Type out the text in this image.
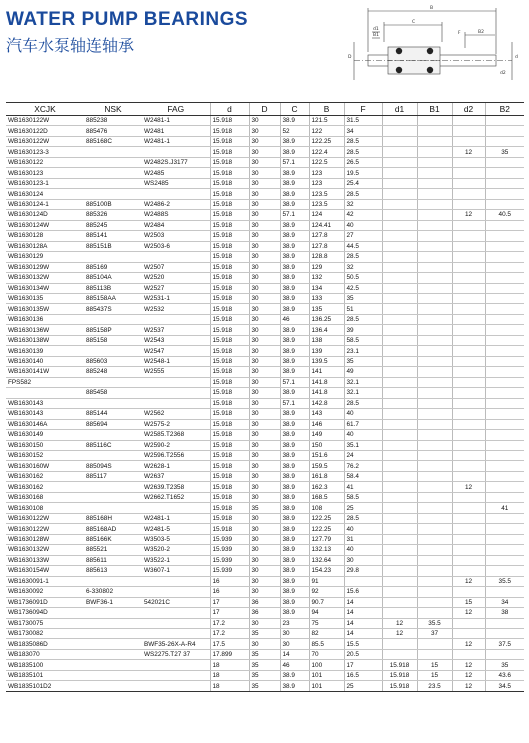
WATER PUMP BEARINGS
汽车水泵轴连轴承
B
C
D	d
F
B1
B2
d1
d2
XCJK	NSK	FAG	d	D	C	B	F	d1	B1	d2	B2
WB1630122W	885238	W2481-1	15.918	30	38.9	121.5	31.5				
WB1630122D	885476	W2481	15.918	30	52	122	34				
WB1630122W	885168C	W2481-1	15.918	30	38.9	122.25	28.5				
WB1630123-3			15.918	30	38.9	122.4	28.5			12	35
WB1630122		W2482S.J3177	15.918	30	57.1	122.5	26.5				
WB1630123		W2485	15.918	30	38.9	123	19.5				
WB1630123-1		WS2485	15.918	30	38.9	123	25.4				
WB1630124			15.918	30	38.9	123.5	28.5				
WB1630124-1	885100B	W2486-2	15.918	30	38.9	123.5	32				
WB1630124D	885326	W2488S	15.918	30	57.1	124	42			12	40.5
WB1630124W	885245	W2484	15.918	30	38.9	124.41	40				
WB1630128	885141	W2503	15.918	30	38.9	127.8	27				
WB1630128A	885151B	W2503-6	15.918	30	38.9	127.8	44.5				
WB1630129			15.918	30	38.9	128.8	28.5				
WB1630129W	885169	W2507	15.918	30	38.9	129	32				
WB1630132W	885104A	W2520	15.918	30	38.9	132	50.5				
WB1630134W	885113B	W2527	15.918	30	38.9	134	42.5				
WB1630135	885158AA	W2531-1	15.918	30	38.9	133	35				
WB1630135W	885437S	W2532	15.918	30	38.9	135	51				
WB1630136			15.918	30	46	136.25	28.5				
WB1630136W	885158P	W2537	15.918	30	38.9	136.4	39				
WB1630138W	885158	W2543	15.918	30	38.9	138	58.5				
WB1630139		W2547	15.918	30	38.9	139	23.1				
WB1630140	885603	W2548-1	15.918	30	38.9	139.5	35				
WB1630141W	885248	W2555	15.918	30	38.9	141	49				
FPS582			15.918	30	57.1	141.8	32.1				
	885458		15.918	30	38.9	141.8	32.1				
WB1630143			15.918	30	57.1	142.8	28.5				
WB1630143	885144	W2562	15.918	30	38.9	143	40				
WB1630146A	885694	W2575-2	15.918	30	38.9	146	61.7				
WB1630149		W2585.T2368	15.918	30	38.9	149	40				
WB1630150	885116C	W2590-2	15.918	30	38.9	150	35.1				
WB1630152		W2596.T2556	15.918	30	38.9	151.6	24				
WB1630160W	885094S	W2628-1	15.918	30	38.9	159.5	76.2				
WB1630162	885117	W2637	15.918	30	38.9	161.8	58.4				
WB1630162		W2639.T2358	15.918	30	38.9	162.3	41			12	
WB1630168		W2662.T1652	15.918	30	38.9	168.5	58.5				
WB1630108			15.918	35	38.9	108	25				41
WB1630122W	885168H	W2481-1	15.918	30	38.9	122.25	28.5				
WB1630122W	885168AD	W2481-5	15.918	30	38.9	122.25	40				
WB1630128W	885166K	W3503-5	15.939	30	38.9	127.79	31				
WB1630132W	885521	W3520-2	15.939	30	38.9	132.13	40				
WB1630133W	885611	W3522-1	15.939	30	38.9	132.64	30				
WB1630154W	885613	W3607-1	15.939	30	38.9	154.23	29.8				
WB1630091-1			16	30	38.9	91				12	35.5
WB1630092	6-330802		16	30	38.9	92	15.6				
WB1736091D	BWF36-1	542021C	17	36	38.9	90.7	14			15	34
WB1736094D			17	36	38.9	94	14			12	38
WB1730075			17.2	30	23	75	14	12	35.5		
WB1730082			17.2	35	30	82	14	12	37		
WB1835086D		BWF35-26X-A-R4	17.5	30	30	85.5	15.5			12	37.5
WB183070		WS2275.T27 37	17.899	35	14	70	20.5				
WB1835100			18	35	46	100	17	15.918	15	12	35
WB1835101			18	35	38.9	101	16.5	15.918	15	12	43.6
WB1835101D2			18	35	38.9	101	25	15.918	23.5	12	34.5
